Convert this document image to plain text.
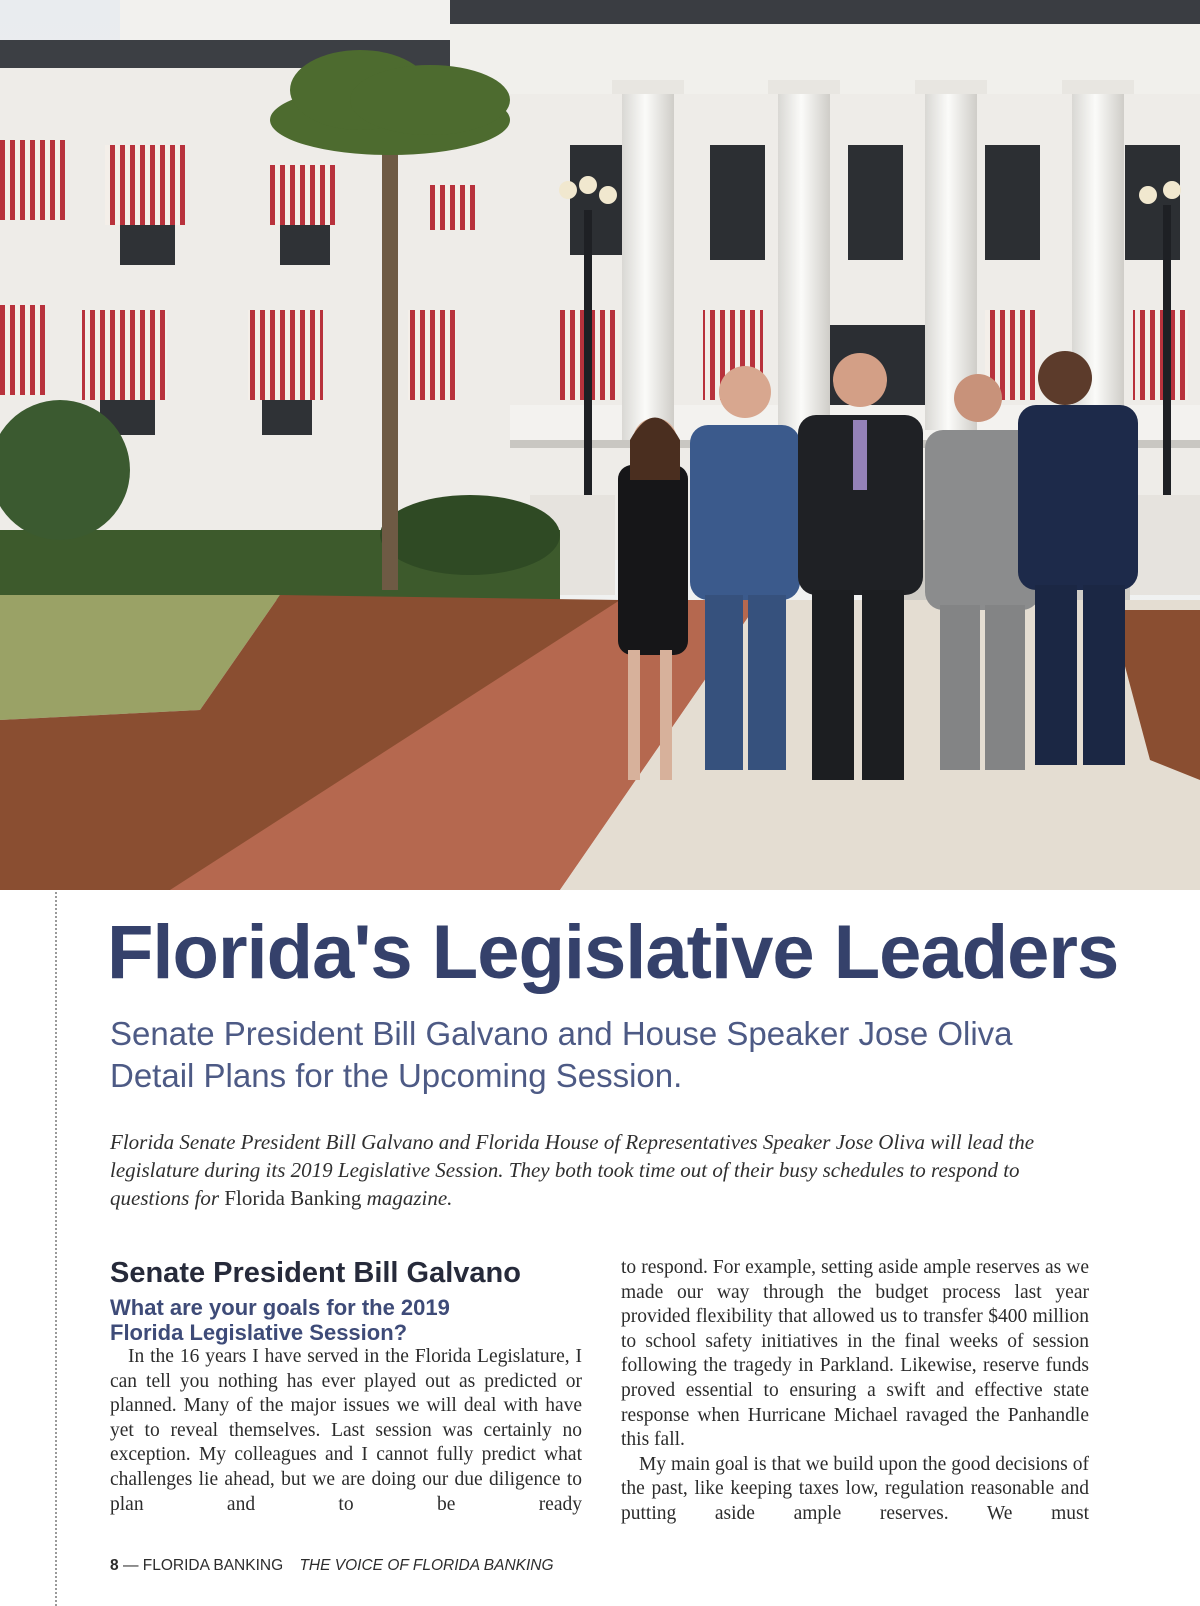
Florida's Legislative Leaders
Senate President Bill Galvano and House Speaker Jose Oliva
Detail Plans for the Upcoming Session.

Florida Senate President Bill Galvano and Florida House of Representatives Speaker Jose Oliva will lead the legislature during its 2019 Legislative Session. They both took time out of their busy schedules to respond to questions for Florida Banking magazine.

Senate President Bill Galvano
What are your goals for the 2019
Florida Legislative Session?

In the 16 years I have served in the Florida Legislature, I can tell you nothing has ever played out as predicted or planned. Many of the major issues we will deal with have yet to reveal themselves. Last session was certainly no exception. My colleagues and I cannot fully predict what challenges lie ahead, but we are doing our due diligence to plan and to be ready

to respond. For example, setting aside ample reserves as we made our way through the budget process last year provided flexibility that allowed us to transfer $400 million to school safety initiatives in the final weeks of session following the tragedy in Parkland. Likewise, reserve funds proved essential to ensuring a swift and effective state response when Hurricane Michael ravaged the Panhandle this fall.

My main goal is that we build upon the good decisions of the past, like keeping taxes low, regulation reasonable and putting aside ample reserves. We must

8 — FLORIDA BANKING THE VOICE OF FLORIDA BANKING
